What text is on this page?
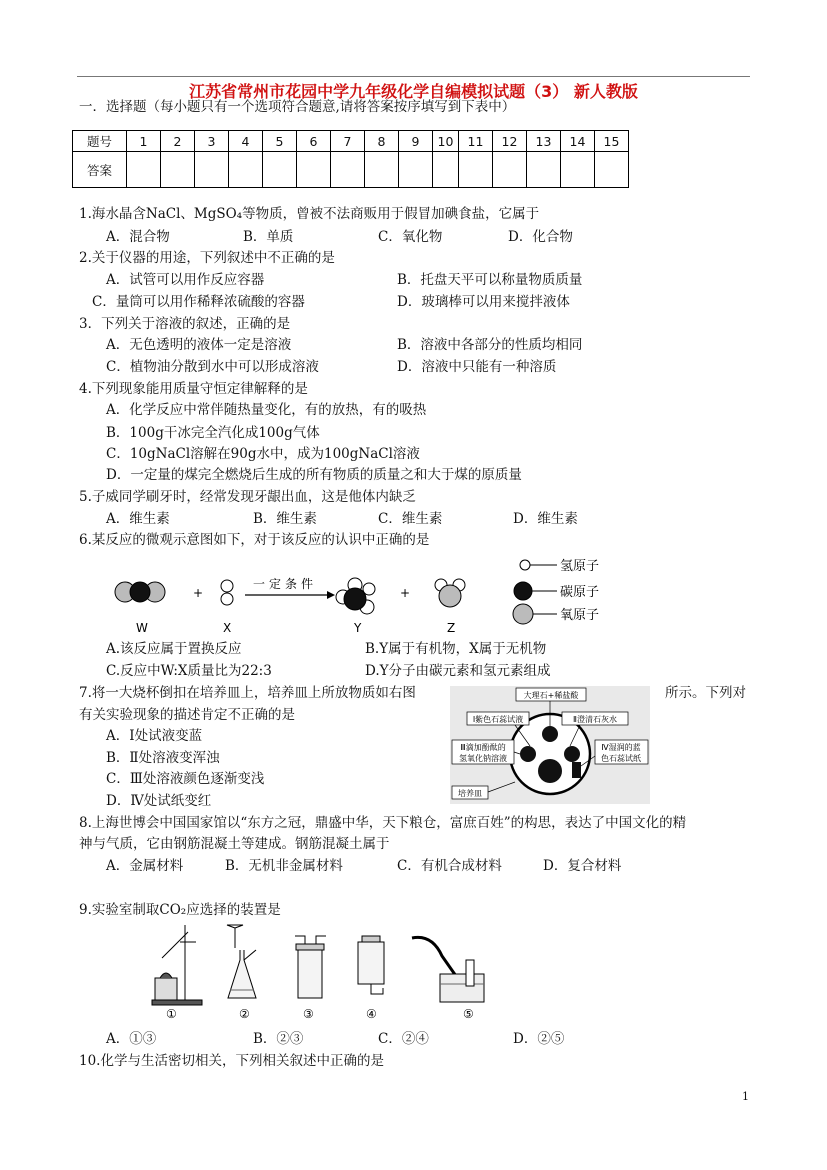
江苏省常州市花园中学九年级化学自编模拟试题（3） 新人教版
一．选择题（每小题只有一个选项符合题意,请将答案按序填写到下表中）
题号	1	2	3	4	5	6	7	8	9	10	11	12	13	14	15
答案															
1.海水晶含NaCl、MgSO₄等物质，曾被不法商贩用于假冒加碘食盐，它属于
A．混合物	B．单质	C．氧化物	D．化合物
2.关于仪器的用途，下列叙述中不正确的是
A．试管可以用作反应容器	B．托盘天平可以称量物质质量
C．量筒可以用作稀释浓硫酸的容器	D．玻璃棒可以用来搅拌液体
3．下列关于溶液的叙述，正确的是
A．无色透明的液体一定是溶液	B．溶液中各部分的性质均相同
C．植物油分散到水中可以形成溶液	D．溶液中只能有一种溶质
4.下列现象能用质量守恒定律解释的是
A．化学反应中常伴随热量变化，有的放热，有的吸热
B．100g干冰完全汽化成100g气体
C．10gNaCl溶解在90g水中，成为100gNaCl溶液
D．一定量的煤完全燃烧后生成的所有物质的质量之和大于煤的原质量
5.子威同学刷牙时，经常发现牙龈出血，这是他体内缺乏
A．维生素	B．维生素	C．维生素	D．维生素
6.某反应的微观示意图如下，对于该反应的认识中正确的是
+
一定条件
+
W	X	Y	Z
氢原子
碳原子
氧原子
A.该反应属于置换反应	B.Y属于有机物，X属于无机物
C.反应中W:X质量比为22:3	D.Y分子由碳元素和氢元素组成
7.将一大烧杯倒扣在培养皿上，培养皿上所放物质如右图	所示。下列对
有关实验现象的描述肯定不正确的是
A．Ⅰ处试液变蓝
B．Ⅱ处溶液变浑浊
C．Ⅲ处溶液颜色逐渐变浅
D．Ⅳ处试纸变红
大理石+稀盐酸
Ⅰ紫色石蕊试液	Ⅱ澄清石灰水
Ⅲ滴加酚酞的
氢氧化钠溶液
Ⅳ湿润的蓝
色石蕊试纸
培养皿
8.上海世博会中国国家馆以“东方之冠，鼎盛中华，天下粮仓，富庶百姓”的构思，表达了中国文化的精
神与气质，它由钢筋混凝土等建成。钢筋混凝土属于
A．金属材料	B．无机非金属材料	C．有机合成材料	D．复合材料
9.实验室制取CO₂应选择的装置是
①	②	③	④	⑤
A．①③	B．②③	C．②④	D．②⑤
10.化学与生活密切相关，下列相关叙述中正确的是
1
